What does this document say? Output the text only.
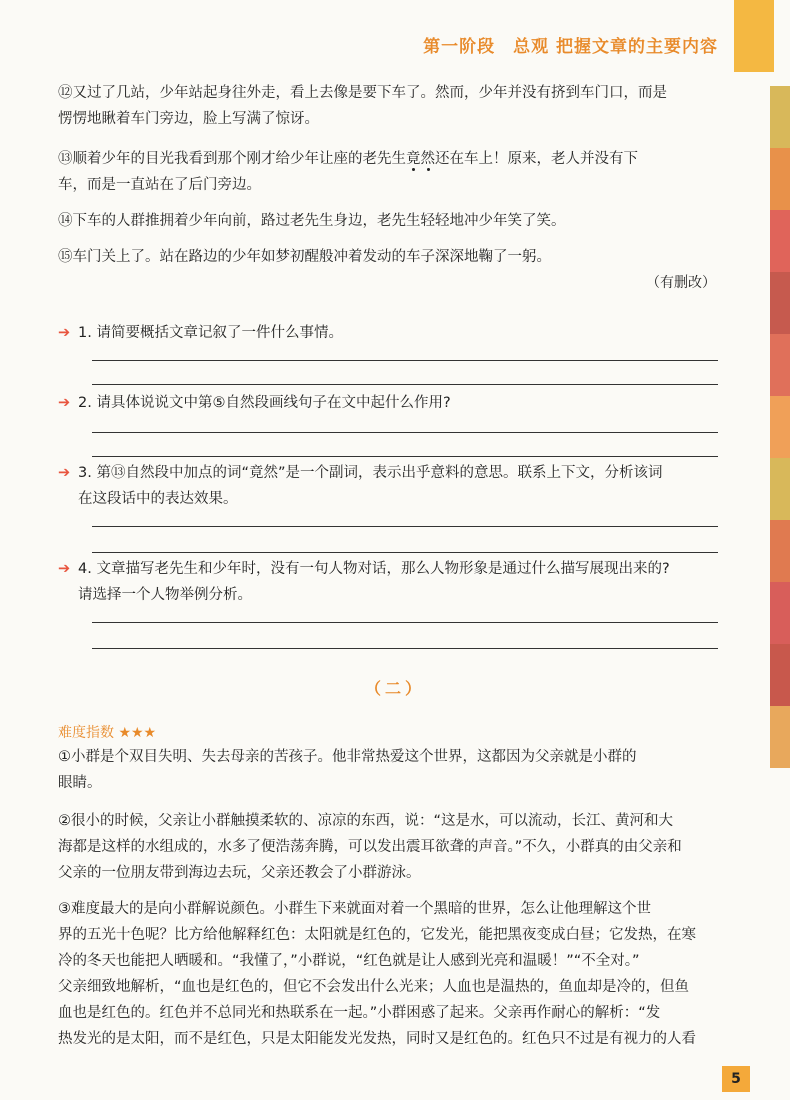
第一阶段　总观 把握文章的主要内容

⑫又过了几站，少年站起身往外走，看上去像是要下车了。然而，少年并没有挤到车门口，而是

愣愣地瞅着车门旁边，脸上写满了惊讶。

⑬顺着少年的目光我看到那个刚才给少年让座的老先生竟然还在车上！原来，老人并没有下

车，而是一直站在了后门旁边。

⑭下车的人群推拥着少年向前，路过老先生身边，老先生轻轻地冲少年笑了笑。

⑮车门关上了。站在路边的少年如梦初醒般冲着发动的车子深深地鞠了一躬。

（有删改）
➔ 1. 请简要概括文章记叙了一件什么事情。
➔ 2. 请具体说说文中第⑤自然段画线句子在文中起什么作用?
➔ 3. 第⑬自然段中加点的词“竟然”是一个副词，表示出乎意料的意思。联系上下文，分析该词
在这段话中的表达效果。
➔ 4. 文章描写老先生和少年时，没有一句人物对话，那么人物形象是通过什么描写展现出来的?
请选择一个人物举例分析。
（二）
难度指数 ★★★

①小群是个双目失明、失去母亲的苦孩子。他非常热爱这个世界，这都因为父亲就是小群的

眼睛。

②很小的时候，父亲让小群触摸柔软的、凉凉的东西，说：“这是水，可以流动，长江、黄河和大

海都是这样的水组成的，水多了便浩荡奔腾，可以发出震耳欲聋的声音。”不久，小群真的由父亲和

父亲的一位朋友带到海边去玩，父亲还教会了小群游泳。

③难度最大的是向小群解说颜色。小群生下来就面对着一个黑暗的世界，怎么让他理解这个世

界的五光十色呢？比方给他解释红色：太阳就是红色的，它发光，能把黑夜变成白昼；它发热，在寒

冷的冬天也能把人晒暖和。“我懂了，”小群说，“红色就是让人感到光亮和温暖！”“不全对。”

父亲细致地解析，“血也是红色的，但它不会发出什么光来；人血也是温热的，鱼血却是冷的，但鱼

血也是红色的。红色并不总同光和热联系在一起。”小群困惑了起来。父亲再作耐心的解析：“发

热发光的是太阳，而不是红色，只是太阳能发光发热，同时又是红色的。红色只不过是有视力的人看

5
